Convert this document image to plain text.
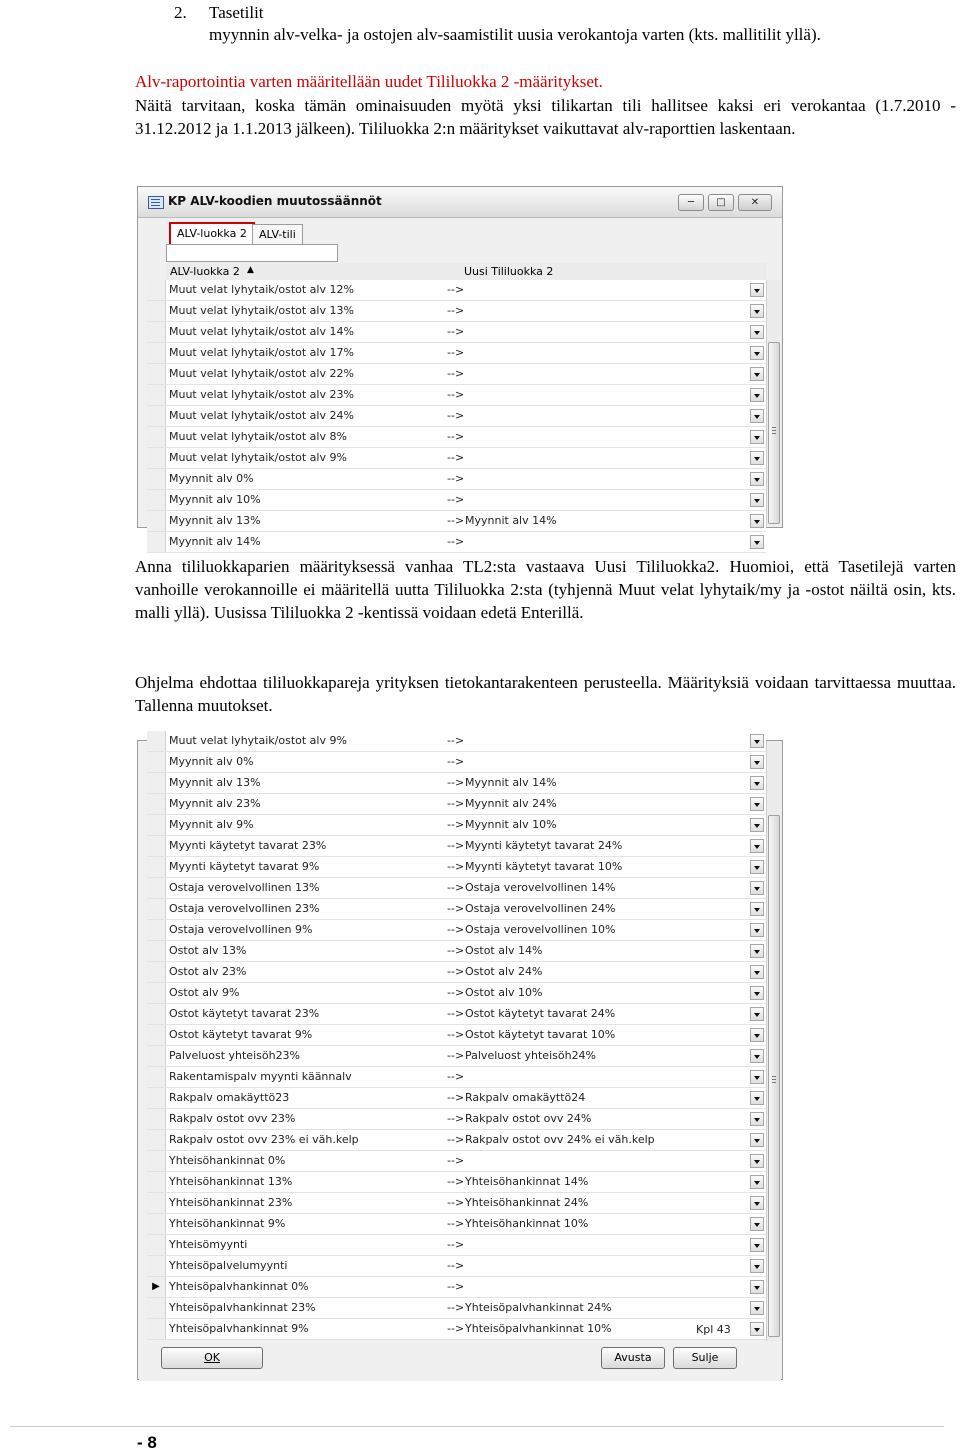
2. Tasetilit
myynnin alv-velka- ja ostojen alv-saamistilit uusia verokantoja varten (kts. mallitilit yllä).
Alv-raportointia varten määritellään uudet Tililuokka 2 -määritykset.
Näitä tarvitaan, koska tämän ominaisuuden myötä yksi tilikartan tili hallitsee kaksi eri verokantaa (1.7.2010 - 31.12.2012 ja 1.1.2013 jälkeen). Tililuokka 2:n määritykset vaikuttavat alv-raporttien laskentaan.
KP ALV-koodien muutossäännöt	─	□	✕
ALV-luokka 2	ALV-tili
ALV-luokka 2 ▲	Uusi Tililuokka 2
Muut velat lyhytaik/ostot alv 12%	-->
Muut velat lyhytaik/ostot alv 13%	-->
Muut velat lyhytaik/ostot alv 14%	-->
Muut velat lyhytaik/ostot alv 17%	-->
Muut velat lyhytaik/ostot alv 22%	-->
Muut velat lyhytaik/ostot alv 23%	-->
Muut velat lyhytaik/ostot alv 24%	-->
Muut velat lyhytaik/ostot alv 8%	-->
Muut velat lyhytaik/ostot alv 9%	-->
Myynnit alv 0%	-->
Myynnit alv 10%	-->
Myynnit alv 13%	--> Myynnit alv 14%
Myynnit alv 14%	-->
Anna tililuokkaparien määrityksessä vanhaa TL2:sta vastaava Uusi Tililuokka2. Huomioi, että Tasetilejä varten vanhoille verokannoille ei määritellä uutta Tililuokka 2:sta (tyhjennä Muut velat lyhytaik/my ja -ostot näiltä osin, kts. malli yllä). Uusissa Tililuokka 2 -kentissä voidaan edetä Enterillä.
Ohjelma ehdottaa tililuokkapareja yrityksen tietokantarakenteen perusteella. Määrityksiä voidaan tarvittaessa muuttaa. Tallenna muutokset.
Muut velat lyhytaik/ostot alv 9%	-->
Myynnit alv 0%	-->
Myynnit alv 13%	--> Myynnit alv 14%
Myynnit alv 23%	--> Myynnit alv 24%
Myynnit alv 9%	--> Myynnit alv 10%
Myynti käytetyt tavarat 23%	--> Myynti käytetyt tavarat 24%
Myynti käytetyt tavarat 9%	--> Myynti käytetyt tavarat 10%
Ostaja verovelvollinen 13%	--> Ostaja verovelvollinen 14%
Ostaja verovelvollinen 23%	--> Ostaja verovelvollinen 24%
Ostaja verovelvollinen 9%	--> Ostaja verovelvollinen 10%
Ostot alv 13%	--> Ostot alv 14%
Ostot alv 23%	--> Ostot alv 24%
Ostot alv 9%	--> Ostot alv 10%
Ostot käytetyt tavarat 23%	--> Ostot käytetyt tavarat 24%
Ostot käytetyt tavarat 9%	--> Ostot käytetyt tavarat 10%
Palveluost yhteisöh23%	--> Palveluost yhteisöh24%
Rakentamispalv myynti käännalv	-->
Rakpalv omakäyttö23	--> Rakpalv omakäyttö24
Rakpalv ostot ovv 23%	--> Rakpalv ostot ovv 24%
Rakpalv ostot ovv 23% ei väh.kelp	--> Rakpalv ostot ovv 24% ei väh.kelp
Yhteisöhankinnat 0%	-->
Yhteisöhankinnat 13%	--> Yhteisöhankinnat 14%
Yhteisöhankinnat 23%	--> Yhteisöhankinnat 24%
Yhteisöhankinnat 9%	--> Yhteisöhankinnat 10%
Yhteisömyynti	-->
Yhteisöpalvelumyynti	-->
▶ Yhteisöpalvhankinnat 0%	-->
Yhteisöpalvhankinnat 23%	--> Yhteisöpalvhankinnat 24%
Yhteisöpalvhankinnat 9%	--> Yhteisöpalvhankinnat 10%	Kpl 43
OK	Avusta	Sulje
- 8
